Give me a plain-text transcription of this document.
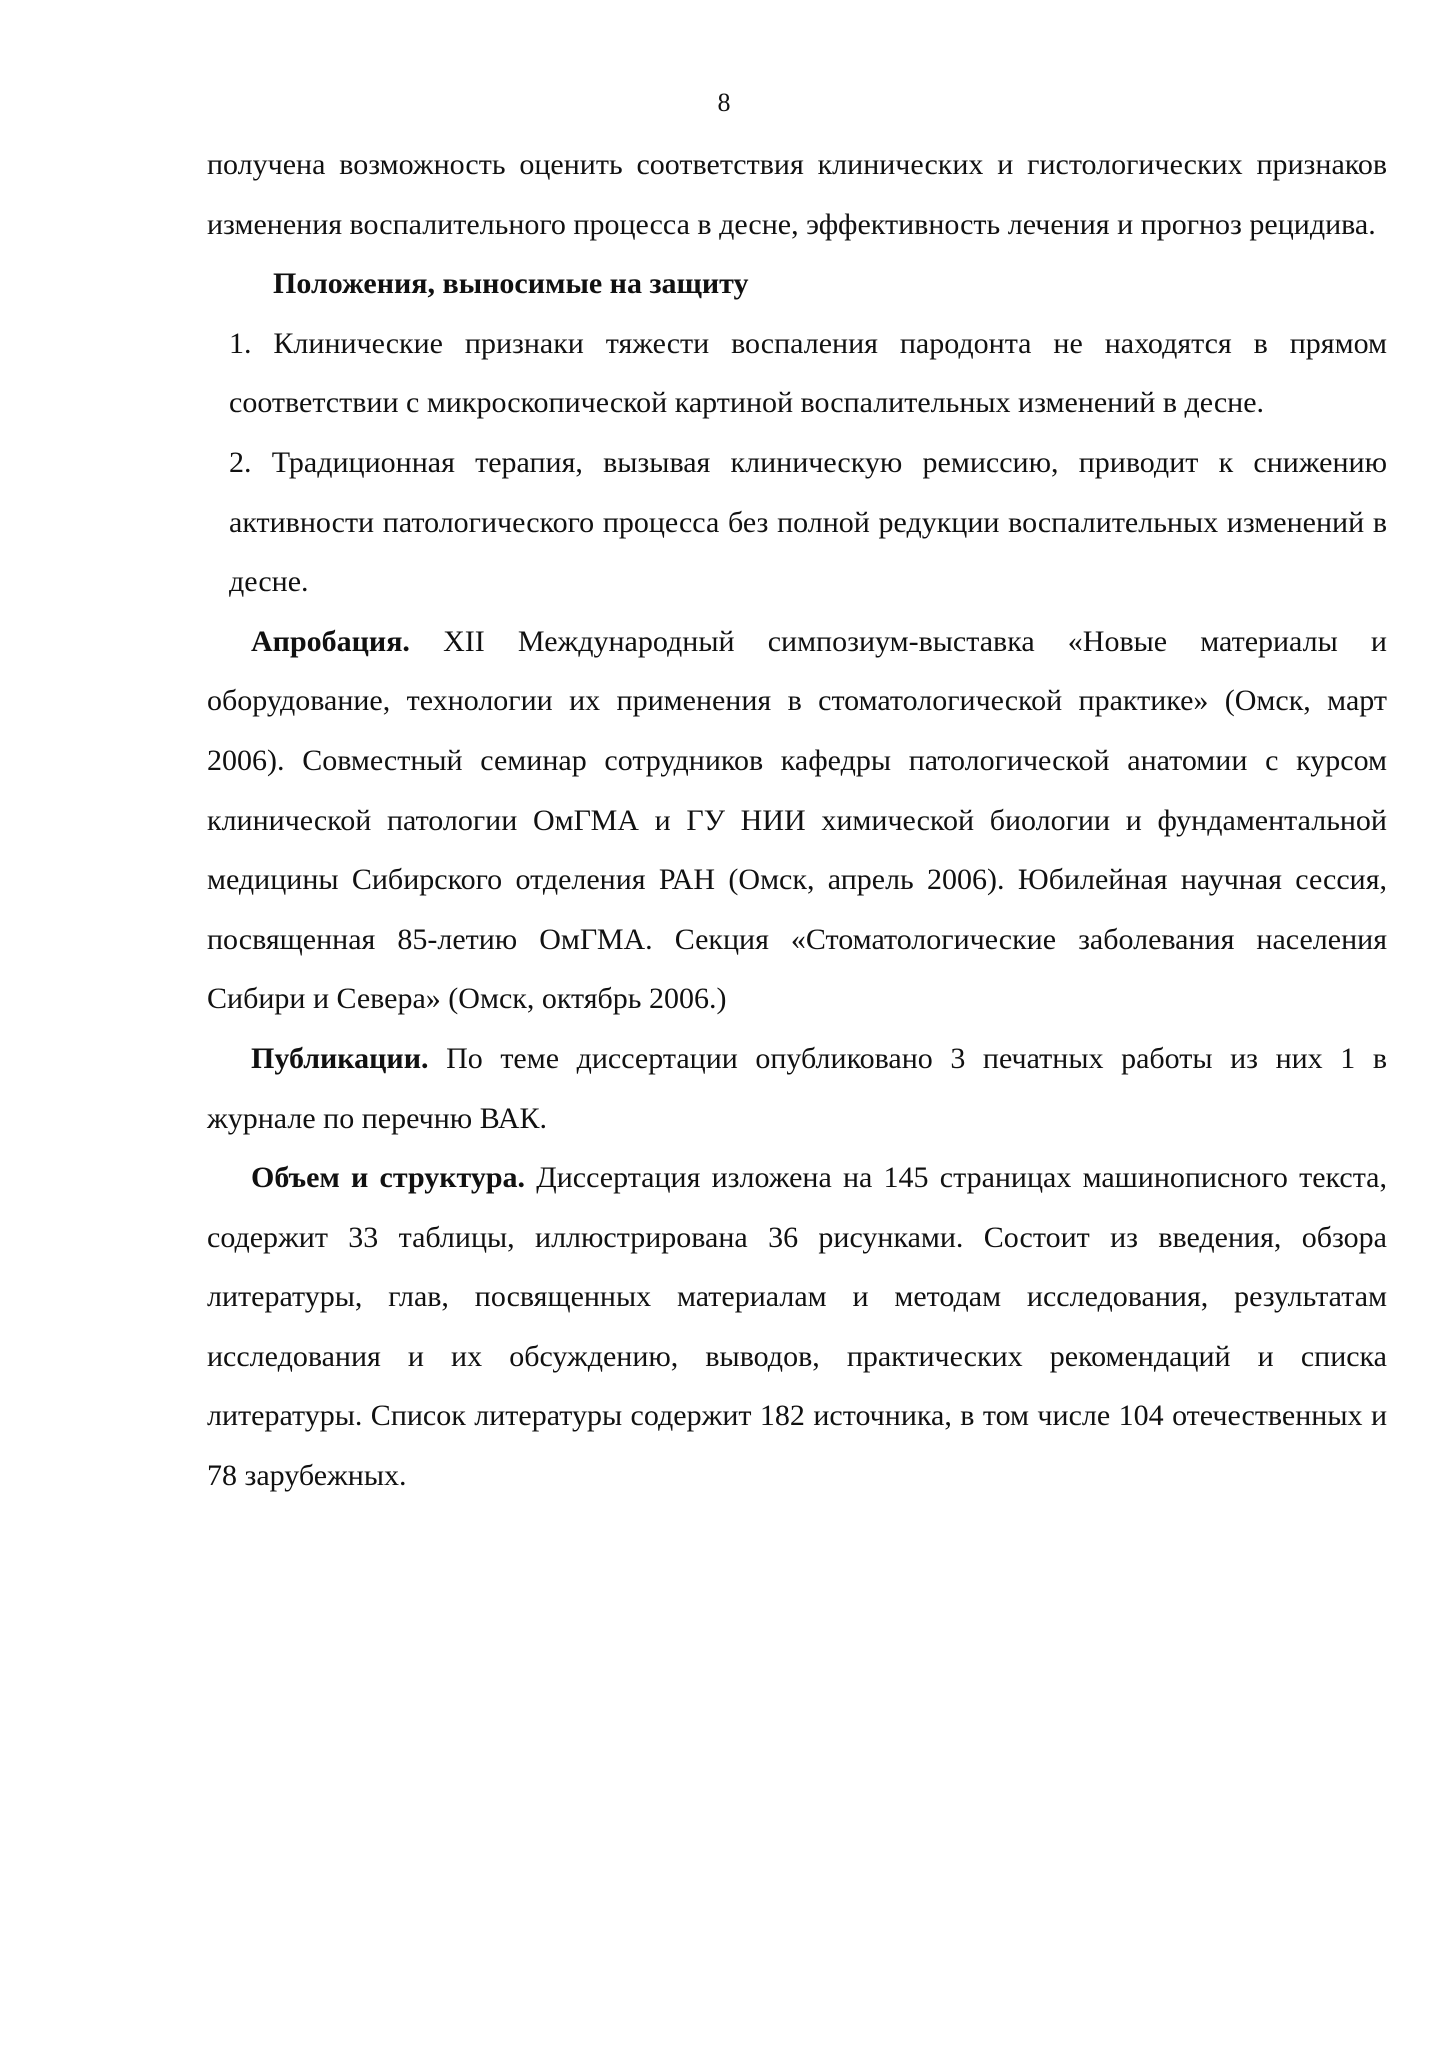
8

получена возможность оценить соответствия клинических и гистологических признаков изменения воспалительного процесса в десне, эффективность лечения и прогноз рецидива.

Положения, выносимые на защиту

1. Клинические признаки тяжести воспаления пародонта не находятся в прямом соответствии с микроскопической картиной воспалительных изменений в десне.

2. Традиционная терапия, вызывая клиническую ремиссию, приводит к снижению активности патологического процесса без полной редукции воспалительных изменений в десне.

Апробация. XII Международный симпозиум-выставка «Новые материалы и оборудование, технологии их применения в стоматологической практике» (Омск, март 2006). Совместный семинар сотрудников кафедры патологической анатомии с курсом клинической патологии ОмГМА и ГУ НИИ химической биологии и фундаментальной медицины Сибирского отделения РАН (Омск, апрель 2006). Юбилейная научная сессия, посвященная 85-летию ОмГМА. Секция «Стоматологические заболевания населения Сибири и Севера» (Омск, октябрь 2006.)

Публикации. По теме диссертации опубликовано 3 печатных работы из них 1 в журнале по перечню ВАК.

Объем и структура. Диссертация изложена на 145 страницах машинописного текста, содержит 33 таблицы, иллюстрирована 36 рисунками. Состоит из введения, обзора литературы, глав, посвященных материалам и методам исследования, результатам исследования и их обсуждению, выводов, практических рекомендаций и списка литературы. Список литературы содержит 182 источника, в том числе 104 отечественных и 78 зарубежных.
